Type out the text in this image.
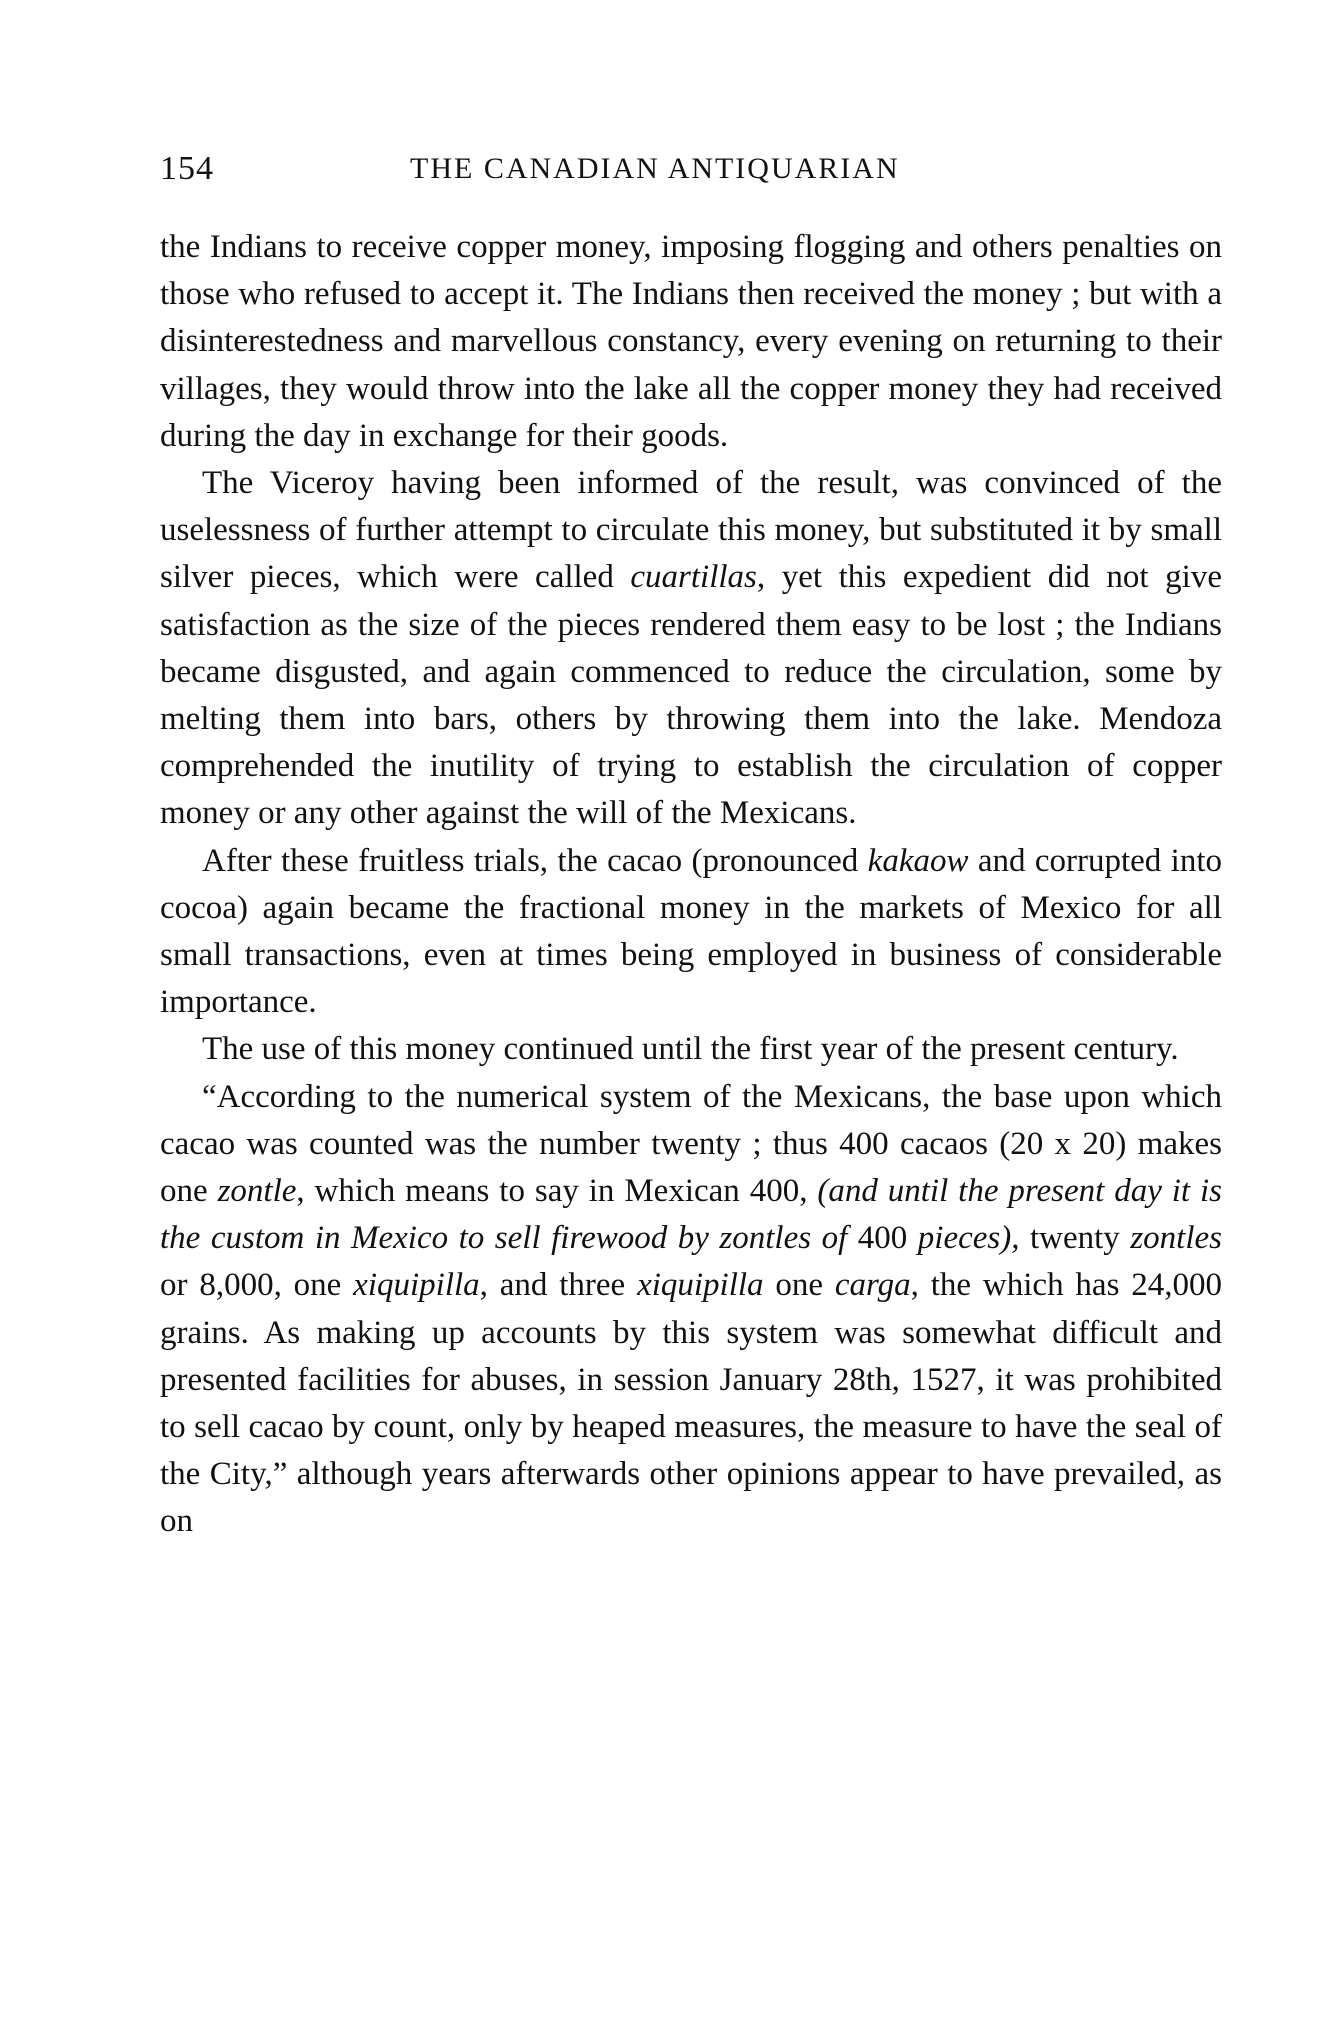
154	THE CANADIAN ANTIQUARIAN

the Indians to receive copper money, imposing flogging and others penalties on those who refused to accept it. The Indians then received the money ; but with a disinterestedness and marvellous constancy, every evening on returning to their villages, they would throw into the lake all the copper money they had received during the day in exchange for their goods.

The Viceroy having been informed of the result, was convinced of the uselessness of further attempt to circulate this money, but substituted it by small silver pieces, which were called cuartillas, yet this expedient did not give satisfaction as the size of the pieces rendered them easy to be lost ; the Indians became disgusted, and again commenced to reduce the circulation, some by melting them into bars, others by throwing them into the lake. Mendoza comprehended the inutility of trying to establish the circulation of copper money or any other against the will of the Mexicans.

After these fruitless trials, the cacao (pronounced kakaow and corrupted into cocoa) again became the fractional money in the markets of Mexico for all small transactions, even at times being employed in business of considerable importance.

The use of this money continued until the first year of the present century.

“According to the numerical system of the Mexicans, the base upon which cacao was counted was the number twenty ; thus 400 cacaos (20 x 20) makes one zontle, which means to say in Mexican 400, (and until the present day it is the custom in Mexico to sell firewood by zontles of 400 pieces), twenty zontles or 8,000, one xiquipilla, and three xiquipilla one carga, the which has 24,000 grains. As making up accounts by this system was somewhat difficult and presented facilities for abuses, in session January 28th, 1527, it was prohibited to sell cacao by count, only by heaped measures, the measure to have the seal of the City,” although years afterwards other opinions appear to have prevailed, as on
